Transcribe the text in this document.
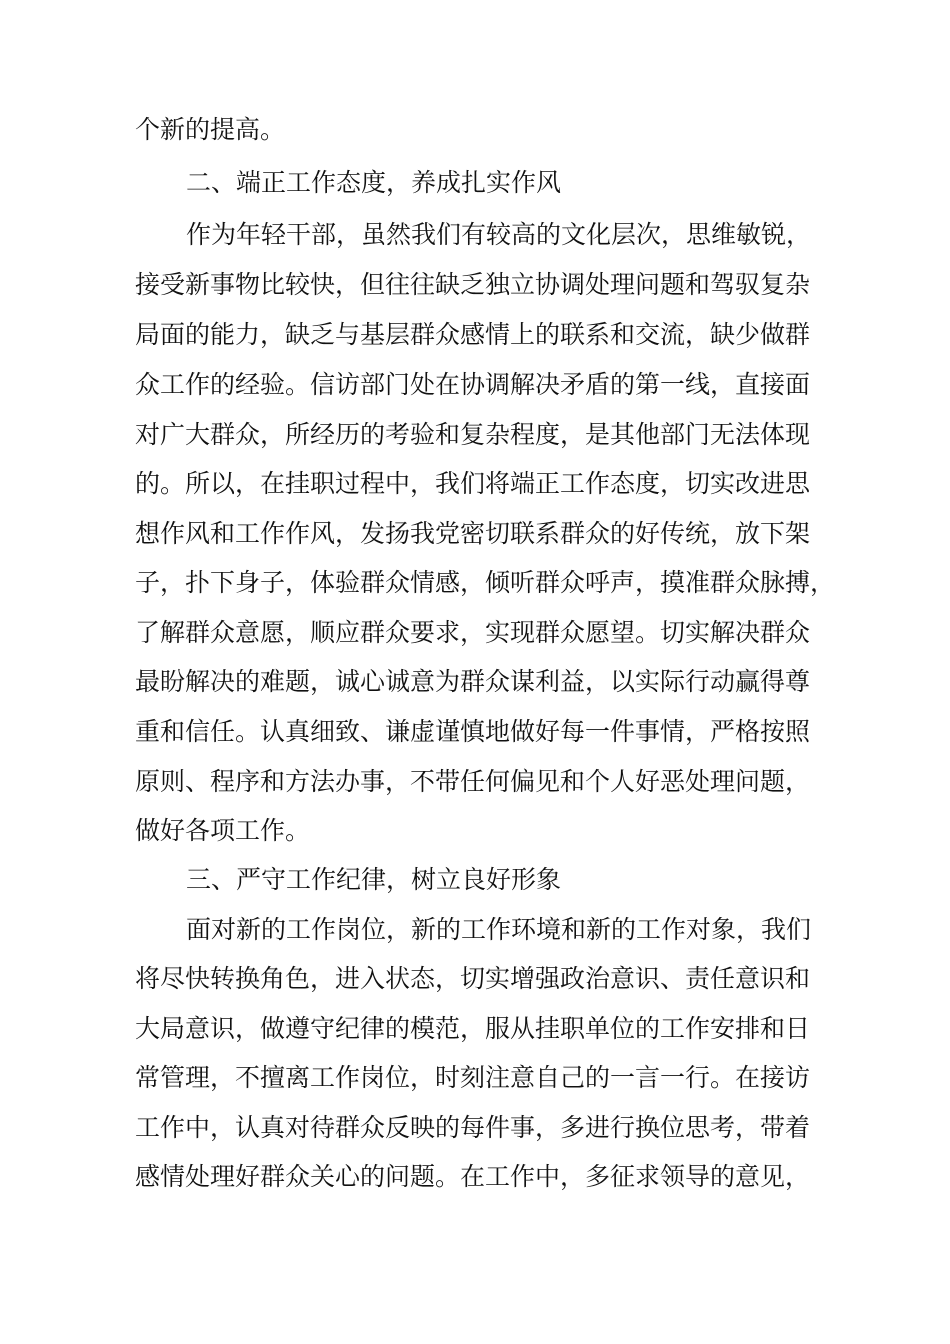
个新的提高。
二、端正工作态度，养成扎实作风
作为年轻干部，虽然我们有较高的文化层次，思维敏锐，
接受新事物比较快，但往往缺乏独立协调处理问题和驾驭复杂
局面的能力，缺乏与基层群众感情上的联系和交流，缺少做群
众工作的经验。信访部门处在协调解决矛盾的第一线，直接面
对广大群众，所经历的考验和复杂程度，是其他部门无法体现
的。所以，在挂职过程中，我们将端正工作态度，切实改进思
想作风和工作作风，发扬我党密切联系群众的好传统，放下架
子，扑下身子，体验群众情感，倾听群众呼声，摸准群众脉搏，
了解群众意愿，顺应群众要求，实现群众愿望。切实解决群众
最盼解决的难题，诚心诚意为群众谋利益，以实际行动赢得尊
重和信任。认真细致、谦虚谨慎地做好每一件事情，严格按照
原则、程序和方法办事，不带任何偏见和个人好恶处理问题，
做好各项工作。
三、严守工作纪律，树立良好形象
面对新的工作岗位，新的工作环境和新的工作对象，我们
将尽快转换角色，进入状态，切实增强政治意识、责任意识和
大局意识，做遵守纪律的模范，服从挂职单位的工作安排和日
常管理，不擅离工作岗位，时刻注意自己的一言一行。在接访
工作中，认真对待群众反映的每件事，多进行换位思考，带着
感情处理好群众关心的问题。在工作中，多征求领导的意见，
